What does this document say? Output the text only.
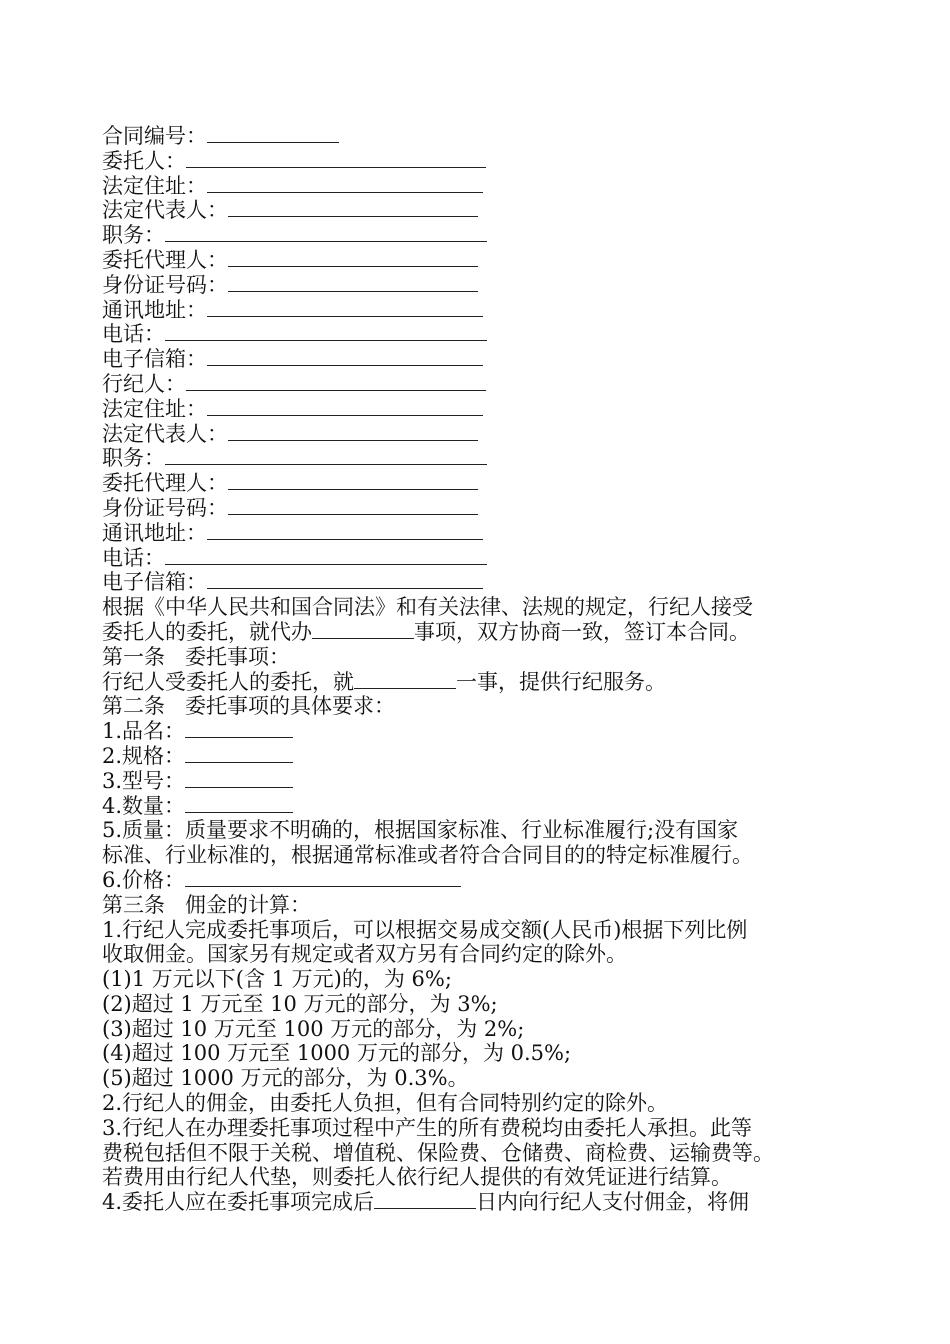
合同编号：
委托人：
法定住址：
法定代表人：
职务：
委托代理人：
身份证号码：
通讯地址：
电话：
电子信箱：
行纪人：
法定住址：
法定代表人：
职务：
委托代理人：
身份证号码：
通讯地址：
电话：
电子信箱：
根据《中华人民共和国合同法》和有关法律、法规的规定，行纪人接受
委托人的委托，就代办	事项，双方协商一致，签订本合同。
第一条 委托事项：
行纪人受委托人的委托，就	一事，提供行纪服务。
第二条 委托事项的具体要求：
1.品名：
2.规格：
3.型号：
4.数量：
5.质量：质量要求不明确的，根据国家标准、行业标准履行;没有国家
标准、行业标准的，根据通常标准或者符合合同目的的特定标准履行。
6.价格：
第三条 佣金的计算：
1.行纪人完成委托事项后，可以根据交易成交额(人民币)根据下列比例
收取佣金。国家另有规定或者双方另有合同约定的除外。
(1)1 万元以下(含 1 万元)的，为 6%;
(2)超过 1 万元至 10 万元的部分，为 3%;
(3)超过 10 万元至 100 万元的部分，为 2%;
(4)超过 100 万元至 1000 万元的部分，为 0.5%;
(5)超过 1000 万元的部分，为 0.3%。
2.行纪人的佣金，由委托人负担，但有合同特别约定的除外。
3.行纪人在办理委托事项过程中产生的所有费税均由委托人承担。此等
费税包括但不限于关税、增值税、保险费、仓储费、商检费、运输费等。
若费用由行纪人代垫，则委托人依行纪人提供的有效凭证进行结算。
4.委托人应在委托事项完成后	日内向行纪人支付佣金，将佣
